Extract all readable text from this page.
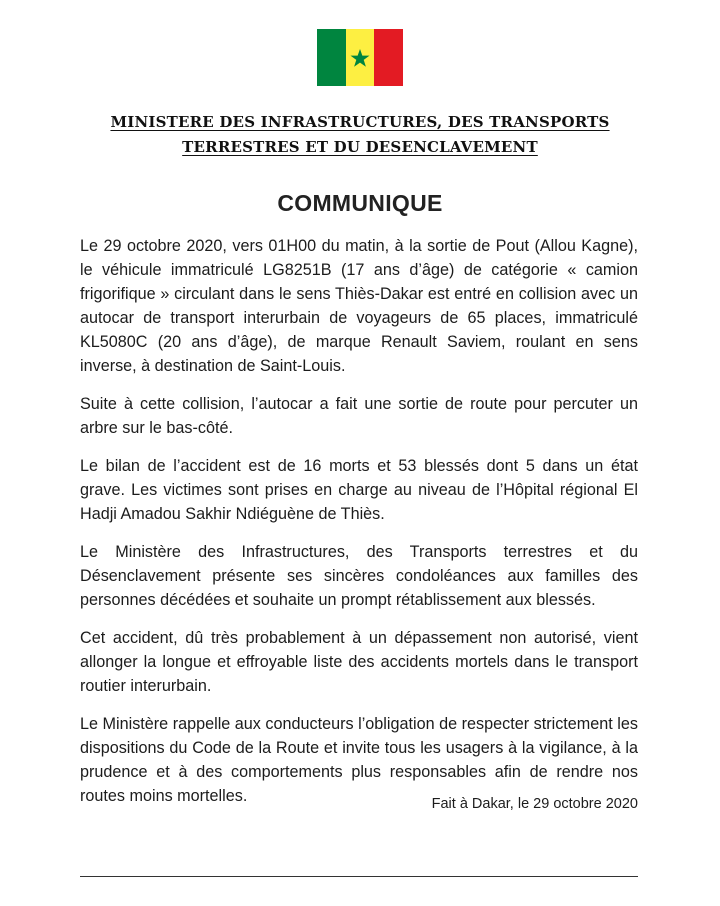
MINISTERE DES INFRASTRUCTURES, DES TRANSPORTS
TERRESTRES ET DU DESENCLAVEMENT
COMMUNIQUE

Le 29 octobre 2020, vers 01H00 du matin, à la sortie de Pout (Allou Kagne), le véhicule immatriculé LG8251B (17 ans d’âge) de catégorie « camion frigorifique » circulant dans le sens Thiès-Dakar est entré en collision avec un autocar de transport interurbain de voyageurs de 65 places, immatriculé KL5080C (20 ans d’âge), de marque Renault Saviem, roulant en sens inverse, à destination de Saint-Louis.

Suite à cette collision, l’autocar a fait une sortie de route pour percuter un arbre sur le bas-côté.

Le bilan de l’accident est de 16 morts et 53 blessés dont 5 dans un état grave. Les victimes sont prises en charge au niveau de l’Hôpital régional El Hadji Amadou Sakhir Ndiéguène de Thiès.

Le Ministère des Infrastructures, des Transports terrestres et du Désenclavement présente ses sincères condoléances aux familles des personnes décédées et souhaite un prompt rétablissement aux blessés.

Cet accident, dû très probablement à un dépassement non autorisé, vient allonger la longue et effroyable liste des accidents mortels dans le transport routier interurbain.

Le Ministère rappelle aux conducteurs l’obligation de respecter strictement les dispositions du Code de la Route et invite tous les usagers à la vigilance, à la prudence et à des comportements plus responsables afin de rendre nos routes moins mortelles.	Fait à Dakar, le 29 octobre 2020
